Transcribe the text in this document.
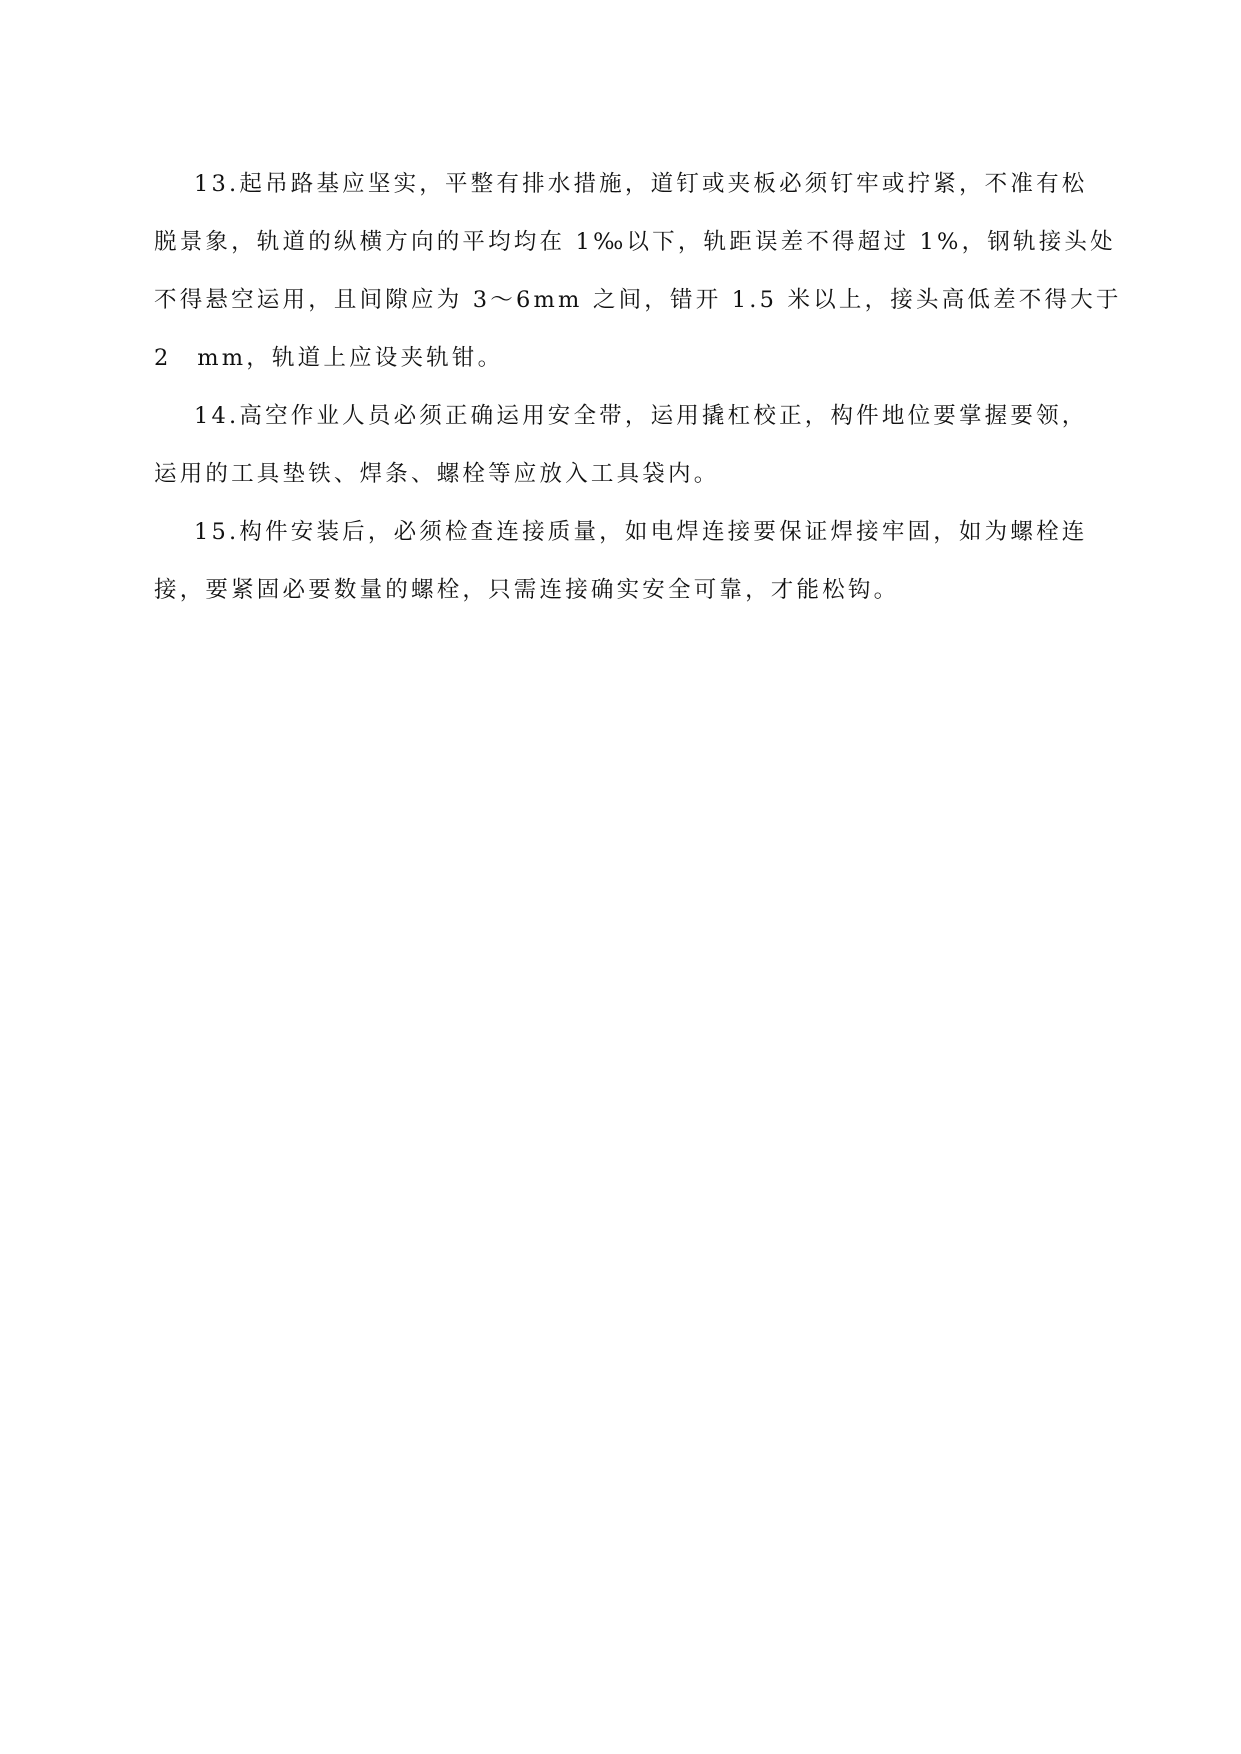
13.起吊路基应坚实，平整有排水措施，道钉或夹板必须钉牢或拧紧，不准有松
脱景象，轨道的纵横方向的平均均在 1‰以下，轨距误差不得超过 1%，钢轨接头处
不得悬空运用，且间隙应为 3～6mm 之间，错开 1.5 米以上，接头高低差不得大于
2　mm，轨道上应设夹轨钳。

14.高空作业人员必须正确运用安全带，运用撬杠校正，构件地位要掌握要领，
运用的工具垫铁、焊条、螺栓等应放入工具袋内。

15.构件安装后，必须检查连接质量，如电焊连接要保证焊接牢固，如为螺栓连
接，要紧固必要数量的螺栓，只需连接确实安全可靠，才能松钩。
